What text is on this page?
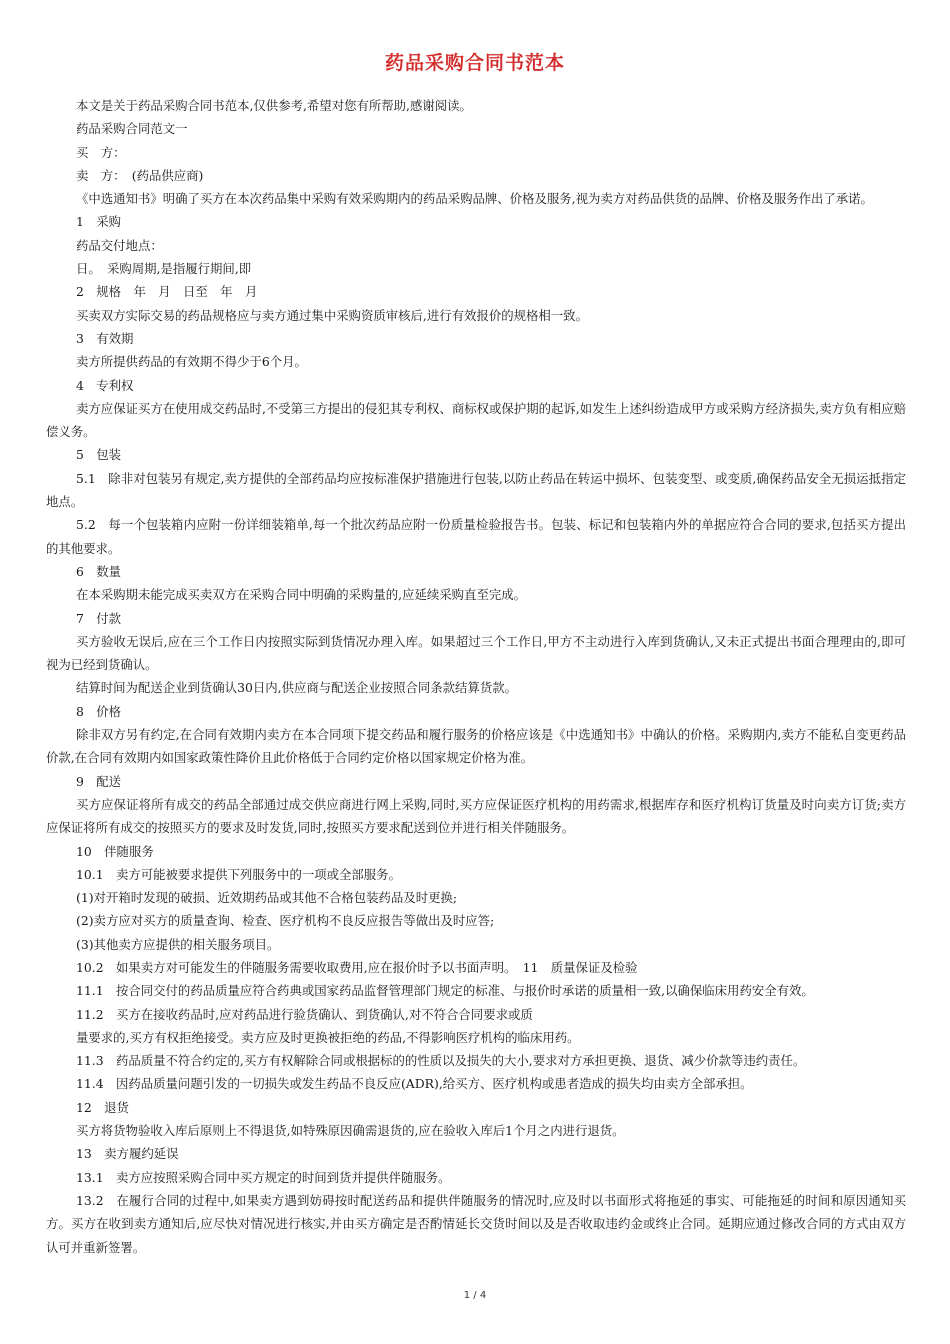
药品采购合同书范本

本文是关于药品采购合同书范本,仅供参考,希望对您有所帮助,感谢阅读。

药品采购合同范文一

买　方：

卖　方：　(药品供应商)

《中选通知书》明确了买方在本次药品集中采购有效采购期内的药品采购品牌、价格及服务,视为卖方对药品供货的品牌、价格及服务作出了承诺。

1　采购

药品交付地点：

日。　采购周期,是指履行期间,即

2　规格　年　月　日至　年　月

买卖双方实际交易的药品规格应与卖方通过集中采购资质审核后,进行有效报价的规格相一致。

3　有效期

卖方所提供药品的有效期不得少于6个月。

4　专利权

卖方应保证买方在使用成交药品时,不受第三方提出的侵犯其专利权、商标权或保护期的起诉,如发生上述纠纷造成甲方或采购方经济损失,卖方负有相应赔偿义务。

5　包装

5.1　除非对包装另有规定,卖方提供的全部药品均应按标准保护措施进行包装,以防止药品在转运中损坏、包装变型、或变质,确保药品安全无损运抵指定地点。

5.2　每一个包装箱内应附一份详细装箱单,每一个批次药品应附一份质量检验报告书。包装、标记和包装箱内外的单据应符合合同的要求,包括买方提出的其他要求。

6　数量

在本采购期未能完成买卖双方在采购合同中明确的采购量的,应延续采购直至完成。

7　付款

买方验收无误后,应在三个工作日内按照实际到货情况办理入库。如果超过三个工作日,甲方不主动进行入库到货确认,又未正式提出书面合理理由的,即可视为已经到货确认。

结算时间为配送企业到货确认30日内,供应商与配送企业按照合同条款结算货款。

8　价格

除非双方另有约定,在合同有效期内卖方在本合同项下提交药品和履行服务的价格应该是《中选通知书》中确认的价格。采购期内,卖方不能私自变更药品价款,在合同有效期内如国家政策性降价且此价格低于合同约定价格以国家规定价格为准。

9　配送

买方应保证将所有成交的药品全部通过成交供应商进行网上采购,同时,买方应保证医疗机构的用药需求,根据库存和医疗机构订货量及时向卖方订货;卖方应保证将所有成交的按照买方的要求及时发货,同时,按照买方要求配送到位并进行相关伴随服务。

10　伴随服务

10.1　卖方可能被要求提供下列服务中的一项或全部服务。

(1)对开箱时发现的破损、近效期药品或其他不合格包装药品及时更换;

(2)卖方应对买方的质量查询、检查、医疗机构不良反应报告等做出及时应答;

(3)其他卖方应提供的相关服务项目。

10.2　如果卖方对可能发生的伴随服务需要收取费用,应在报价时予以书面声明。　11　质量保证及检验

11.1　按合同交付的药品质量应符合药典或国家药品监督管理部门规定的标准、与报价时承诺的质量相一致,以确保临床用药安全有效。

11.2　买方在接收药品时,应对药品进行验货确认、到货确认,对不符合合同要求或质

量要求的,买方有权拒绝接受。卖方应及时更换被拒绝的药品,不得影响医疗机构的临床用药。

11.3　药品质量不符合约定的,买方有权解除合同或根据标的的性质以及损失的大小,要求对方承担更换、退货、减少价款等违约责任。

11.4　因药品质量问题引发的一切损失或发生药品不良反应(ADR),给买方、医疗机构或患者造成的损失均由卖方全部承担。

12　退货

买方将货物验收入库后原则上不得退货,如特殊原因确需退货的,应在验收入库后1个月之内进行退货。

13　卖方履约延误

13.1　卖方应按照采购合同中买方规定的时间到货并提供伴随服务。

13.2　在履行合同的过程中,如果卖方遇到妨碍按时配送药品和提供伴随服务的情况时,应及时以书面形式将拖延的事实、可能拖延的时间和原因通知买方。买方在收到卖方通知后,应尽快对情况进行核实,并由买方确定是否酌情延长交货时间以及是否收取违约金或终止合同。延期应通过修改合同的方式由双方认可并重新签署。

1 / 4
